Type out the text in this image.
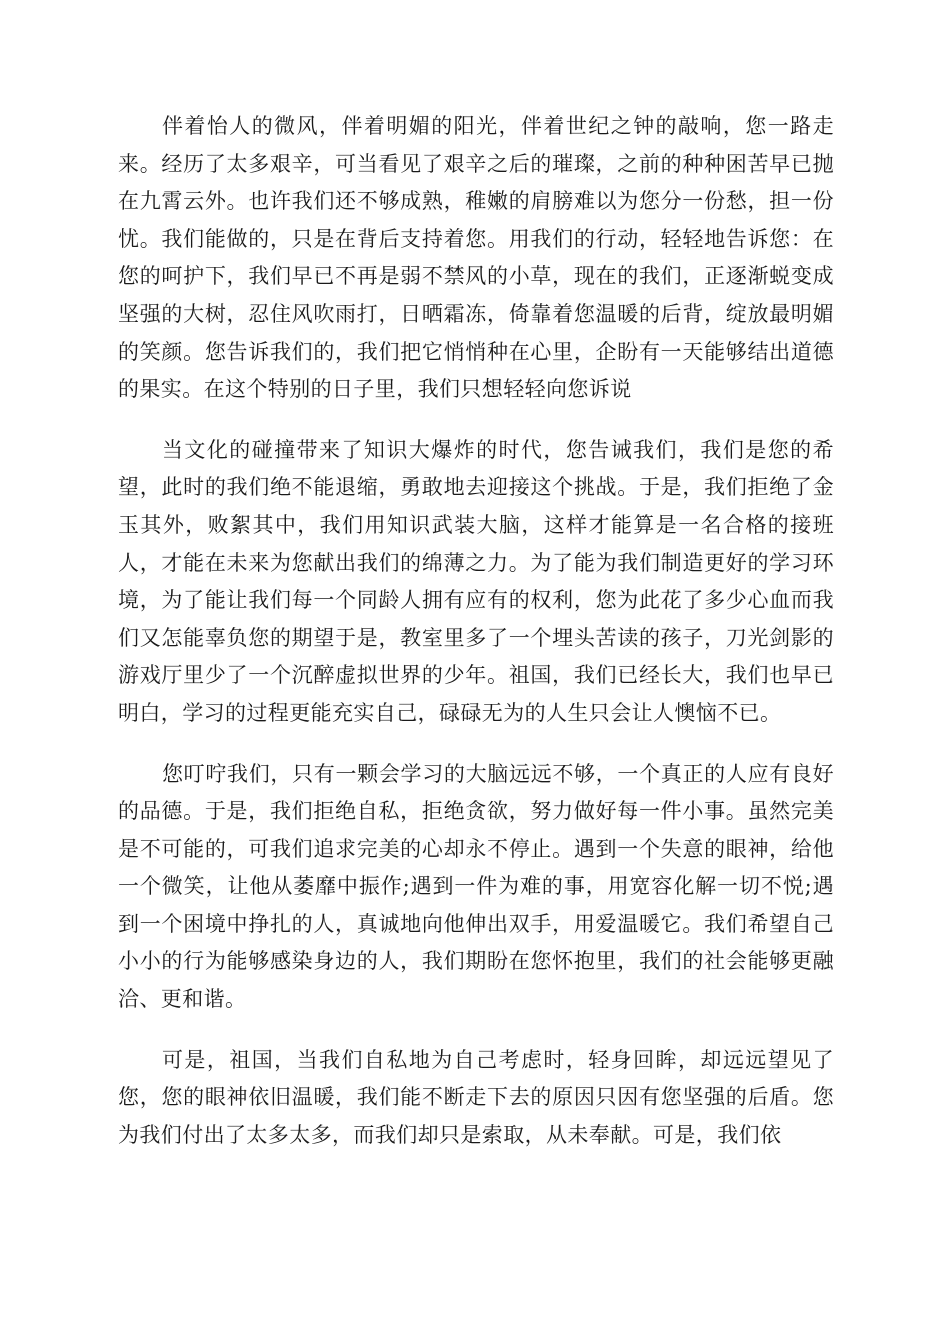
伴着怡人的微风，伴着明媚的阳光，伴着世纪之钟的敲响，您一路走来。经历了太多艰辛，可当看见了艰辛之后的璀璨，之前的种种困苦早已抛在九霄云外。也许我们还不够成熟，稚嫩的肩膀难以为您分一份愁，担一份忧。我们能做的，只是在背后支持着您。用我们的行动，轻轻地告诉您：在您的呵护下，我们早已不再是弱不禁风的小草，现在的我们，正逐渐蜕变成坚强的大树，忍住风吹雨打，日晒霜冻，倚靠着您温暖的后背，绽放最明媚的笑颜。您告诉我们的，我们把它悄悄种在心里，企盼有一天能够结出道德的果实。在这个特别的日子里，我们只想轻轻向您诉说

当文化的碰撞带来了知识大爆炸的时代，您告诫我们，我们是您的希望，此时的我们绝不能退缩，勇敢地去迎接这个挑战。于是，我们拒绝了金玉其外，败絮其中，我们用知识武装大脑，这样才能算是一名合格的接班人，才能在未来为您献出我们的绵薄之力。为了能为我们制造更好的学习环境，为了能让我们每一个同龄人拥有应有的权利，您为此花了多少心血而我们又怎能辜负您的期望于是，教室里多了一个埋头苦读的孩子，刀光剑影的游戏厅里少了一个沉醉虚拟世界的少年。祖国，我们已经长大，我们也早已明白，学习的过程更能充实自己，碌碌无为的人生只会让人懊恼不已。

您叮咛我们，只有一颗会学习的大脑远远不够，一个真正的人应有良好的品德。于是，我们拒绝自私，拒绝贪欲，努力做好每一件小事。虽然完美是不可能的，可我们追求完美的心却永不停止。遇到一个失意的眼神，给他一个微笑，让他从萎靡中振作;遇到一件为难的事，用宽容化解一切不悦;遇到一个困境中挣扎的人，真诚地向他伸出双手，用爱温暖它。我们希望自己小小的行为能够感染身边的人，我们期盼在您怀抱里，我们的社会能够更融洽、更和谐。

可是，祖国，当我们自私地为自己考虑时，轻身回眸，却远远望见了您，您的眼神依旧温暖，我们能不断走下去的原因只因有您坚强的后盾。您为我们付出了太多太多，而我们却只是索取，从未奉献。可是，我们依
